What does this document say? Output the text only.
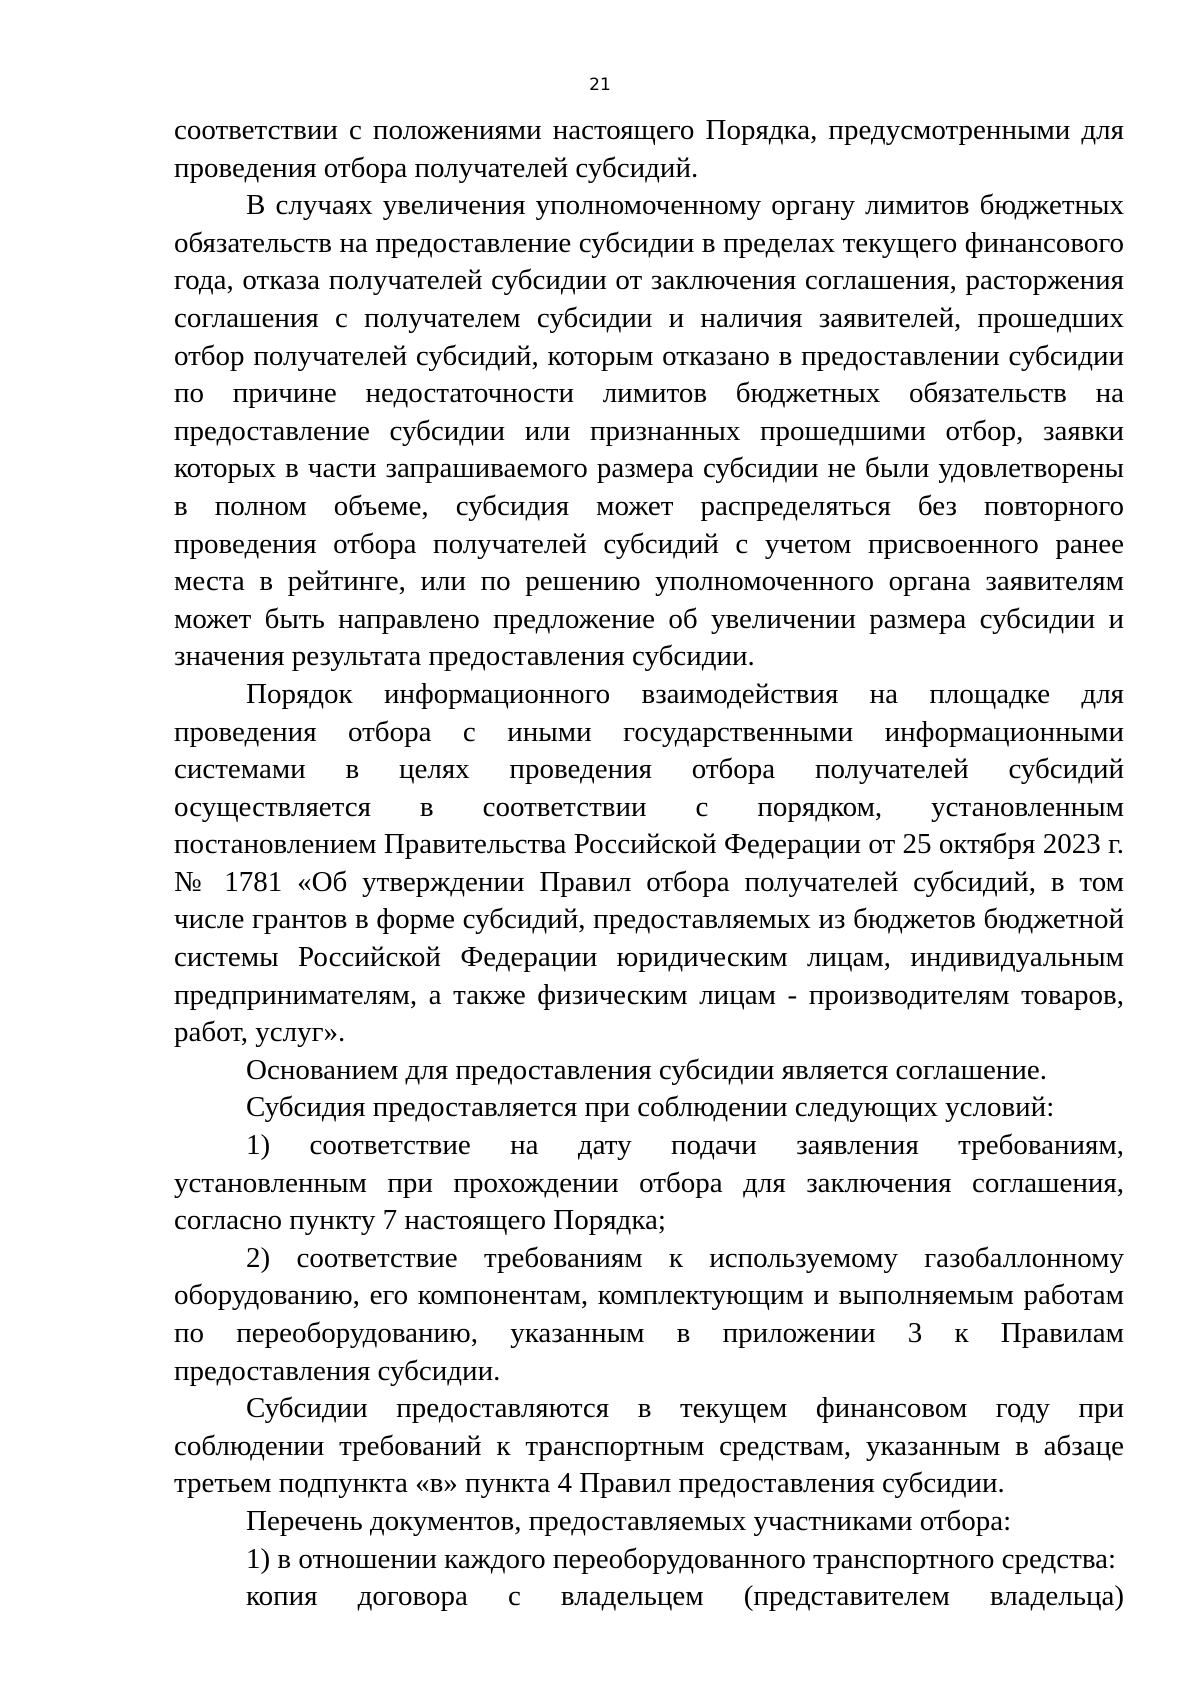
21

соответствии с положениями настоящего Порядка, предусмотренными для проведения отбора получателей субсидий.

В случаях увеличения уполномоченному органу лимитов бюджетных обязательств на предоставление субсидии в пределах текущего финансового года, отказа получателей субсидии от заключения соглашения, расторжения соглашения с получателем субсидии и наличия заявителей, прошедших отбор получателей субсидий, которым отказано в предоставлении субсидии по причине недостаточности лимитов бюджетных обязательств на предоставление субсидии или признанных прошедшими отбор, заявки которых в части запрашиваемого размера субсидии не были удовлетворены в полном объеме, субсидия может распределяться без повторного проведения отбора получателей субсидий с учетом присвоенного ранее места в рейтинге, или по решению уполномоченного органа заявителям может быть направлено предложение об увеличении размера субсидии и значения результата предоставления субсидии.

Порядок информационного взаимодействия на площадке для проведения отбора с иными государственными информационными системами в целях проведения отбора получателей субсидий осуществляется в соответствии с порядком, установленным постановлением Правительства Российской Федерации от 25 октября 2023 г. № 1781 «Об утверждении Правил отбора получателей субсидий, в том числе грантов в форме субсидий, предоставляемых из бюджетов бюджетной системы Российской Федерации юридическим лицам, индивидуальным предпринимателям, а также физическим лицам - производителям товаров, работ, услуг».

Основанием для предоставления субсидии является соглашение.

Субсидия предоставляется при соблюдении следующих условий:

1) соответствие на дату подачи заявления требованиям, установленным при прохождении отбора для заключения соглашения, согласно пункту 7 настоящего Порядка;

2) соответствие требованиям к используемому газобаллонному оборудованию, его компонентам, комплектующим и выполняемым работам по переоборудованию, указанным в приложении 3 к Правилам предоставления субсидии.

Субсидии предоставляются в текущем финансовом году при соблюдении требований к транспортным средствам, указанным в абзаце третьем подпункта «в» пункта 4 Правил предоставления субсидии.

Перечень документов, предоставляемых участниками отбора:

1) в отношении каждого переоборудованного транспортного средства:

копия договора с владельцем (представителем владельца)
